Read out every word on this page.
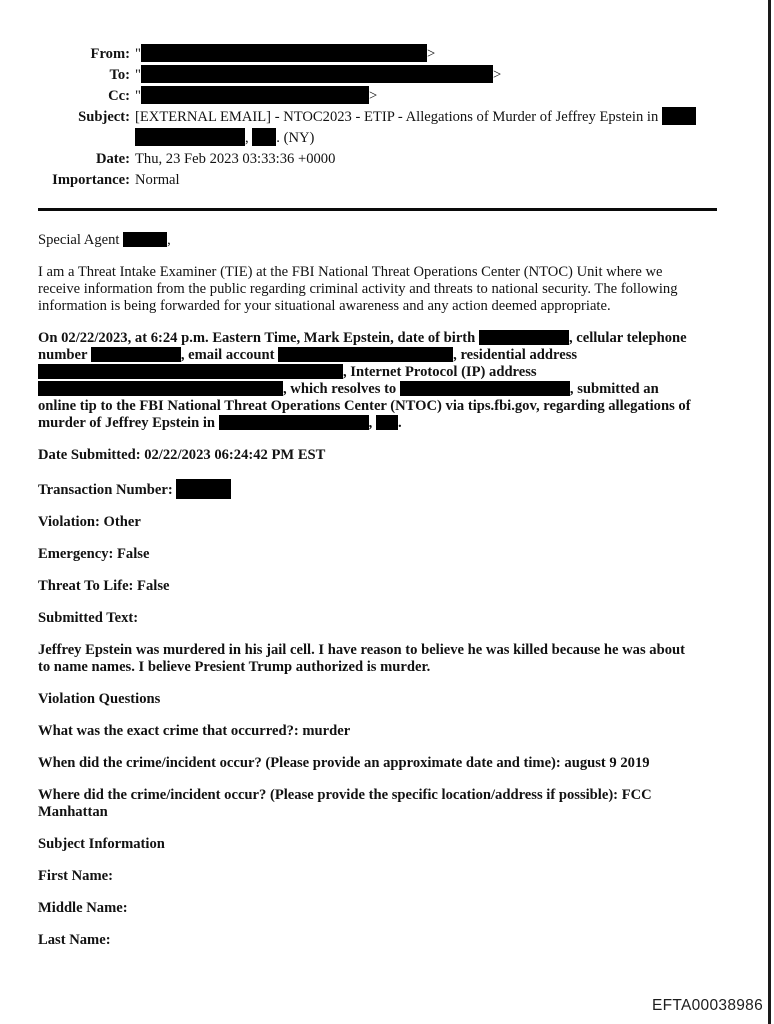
From: "	>
To: "	>
Cc: "	>
Subject: [EXTERNAL EMAIL] - NTOC2023 - ETIP - Allegations of Murder of Jeffrey Epstein in , . (NY)
Date: Thu, 23 Feb 2023 03:33:36 +0000
Importance: Normal

Special Agent	,

I am a Threat Intake Examiner (TIE) at the FBI National Threat Operations Center (NTOC) Unit where we receive information from the public regarding criminal activity and threats to national security. The following information is being forwarded for your situational awareness and any action deemed appropriate.

On 02/22/2023, at 6:24 p.m. Eastern Time, Mark Epstein, date of birth	, cellular telephone number	, email account	, residential address , Internet Protocol (IP) address , which resolves to	, submitted an online tip to the FBI National Threat Operations Center (NTOC) via tips.fbi.gov, regarding allegations of murder of Jeffrey Epstein in	, .

Date Submitted: 02/22/2023 06:24:42 PM EST

Transaction Number:

Violation: Other

Emergency: False

Threat To Life: False

Submitted Text:

Jeffrey Epstein was murdered in his jail cell. I have reason to believe he was killed because he was about to name names. I believe Presient Trump authorized is murder.

Violation Questions

What was the exact crime that occurred?: murder

When did the crime/incident occur? (Please provide an approximate date and time): august 9 2019

Where did the crime/incident occur? (Please provide the specific location/address if possible): FCC Manhattan

Subject Information

First Name:

Middle Name:

Last Name:

EFTA00038986
